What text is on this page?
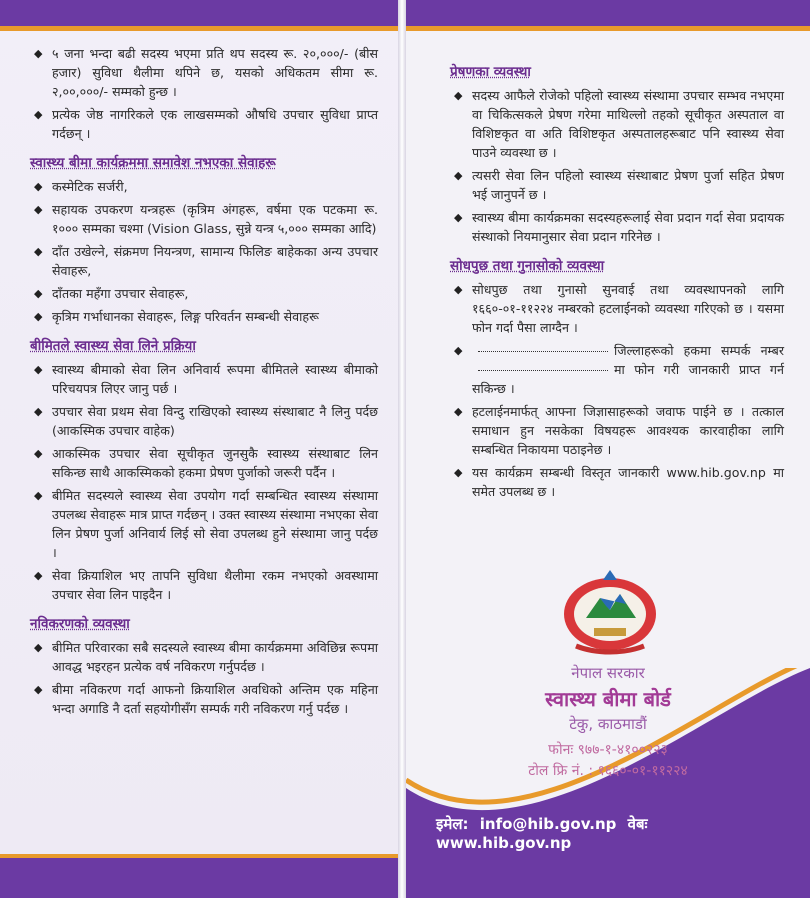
◆ ५ जना भन्दा बढी सदस्य भएमा प्रति थप सदस्य रू. २०,०००/- (बीस हजार) सुविधा थैलीमा थपिने छ, यसको अधिकतम सीमा रू. २,००,०००/- सम्मको हुन्छ ।
◆ प्रत्येक जेष्ठ नागरिकले एक लाखसम्मको औषधि उपचार सुविधा प्राप्त गर्दछन् ।
स्वास्थ्य बीमा कार्यक्रममा समावेश नभएका सेवाहरू
◆ कस्मेटिक सर्जरी,
◆ सहायक उपकरण यन्त्रहरू (कृत्रिम अंगहरू, वर्षमा एक पटकमा रू. १००० सम्मका चश्मा (Vision Glass, सुन्ने यन्त्र ५,००० सम्मका आदि)
◆ दाँत उखेल्ने, संक्रमण नियन्त्रण, सामान्य फिलिङ बाहेकका अन्य उपचार सेवाहरू,
◆ दाँतका महँगा उपचार सेवाहरू,
◆ कृत्रिम गर्भाधानका सेवाहरू, लिङ्ग परिवर्तन सम्बन्धी सेवाहरू
बीमितले स्वास्थ्य सेवा लिने प्रक्रिया
◆ स्वास्थ्य बीमाको सेवा लिन अनिवार्य रूपमा बीमितले स्वास्थ्य बीमाको परिचयपत्र लिएर जानु पर्छ ।
◆ उपचार सेवा प्रथम सेवा विन्दु राखिएको स्वास्थ्य संस्थाबाट नै लिनु पर्दछ (आकस्मिक उपचार वाहेक)
◆ आकस्मिक उपचार सेवा सूचीकृत जुनसुकै स्वास्थ्य संस्थाबाट लिन सकिन्छ साथै आकस्मिकको हकमा प्रेषण पुर्जाको जरूरी पर्दैन ।
◆ बीमित सदस्यले स्वास्थ्य सेवा उपयोग गर्दा सम्बन्धित स्वास्थ्य संस्थामा उपलब्ध सेवाहरू मात्र प्राप्त गर्दछन् । उक्त स्वास्थ्य संस्थामा नभएका सेवा लिन प्रेषण पुर्जा अनिवार्य लिई सो सेवा उपलब्ध हुने संस्थामा जानु पर्दछ ।
◆ सेवा क्रियाशिल भए तापनि सुविधा थैलीमा रकम नभएको अवस्थामा उपचार सेवा लिन पाइदैन ।
नविकरणको व्यवस्था
◆ बीमित परिवारका सबै सदस्यले स्वास्थ्य बीमा कार्यक्रममा अविछिन्न रूपमा आवद्ध भइरहन प्रत्येक वर्ष नविकरण गर्नुपर्दछ ।
◆ बीमा नविकरण गर्दा आफनो क्रियाशिल अवधिको अन्तिम एक महिना भन्दा अगाडि नै दर्ता सहयोगीसँग सम्पर्क गरी नविकरण गर्नु पर्दछ ।
प्रेषणका व्यवस्था
◆ सदस्य आफैले रोजेको पहिलो स्वास्थ्य संस्थामा उपचार सम्भव नभएमा वा चिकित्सकले प्रेषण गरेमा माथिल्लो तहको सूचीकृत अस्पताल वा विशिष्टकृत वा अति विशिष्टकृत अस्पतालहरूबाट पनि स्वास्थ्य सेवा पाउने व्यवस्था छ ।
◆ त्यसरी सेवा लिन पहिलो स्वास्थ्य संस्थाबाट प्रेषण पुर्जा सहित प्रेषण भई जानुपर्ने छ ।
◆ स्वास्थ्य बीमा कार्यक्रमका सदस्यहरूलाई सेवा प्रदान गर्दा सेवा प्रदायक संस्थाको नियमानुसार सेवा प्रदान गरिनेछ ।
सोधपुछ तथा गुनासोको व्यवस्था
◆ सोधपुछ तथा गुनासो सुनवाई तथा व्यवस्थापनको लागि १६६०-०१-११२२४ नम्बरको हटलाईनको व्यवस्था गरिएको छ । यसमा फोन गर्दा पैसा लाग्दैन ।
◆ जिल्लाहरूको हकमा सम्पर्क नम्बरमा फोन गरी जानकारी प्राप्त गर्न सकिन्छ ।
◆ हटलाईनमार्फत् आफ्ना जिज्ञासाहरूको जवाफ पाईने छ । तत्काल समाधान हुन नसकेका विषयहरू आवश्यक कारवाहीका लागि सम्बन्धित निकायमा पठाइनेछ ।
◆ यस कार्यक्रम सम्बन्धी विस्तृत जानकारी www.hib.gov.np मा समेत उपलब्ध छ ।

नेपाल सरकार

स्वास्थ्य बीमा बोर्ड

टेकु, काठमाडौं

फोनः ९७७-१-४१००२२३

टोल फ्रि नं. : १६६०-०१-११२२४

इमेल: info@hib.gov.np वेबः www.hib.gov.np
